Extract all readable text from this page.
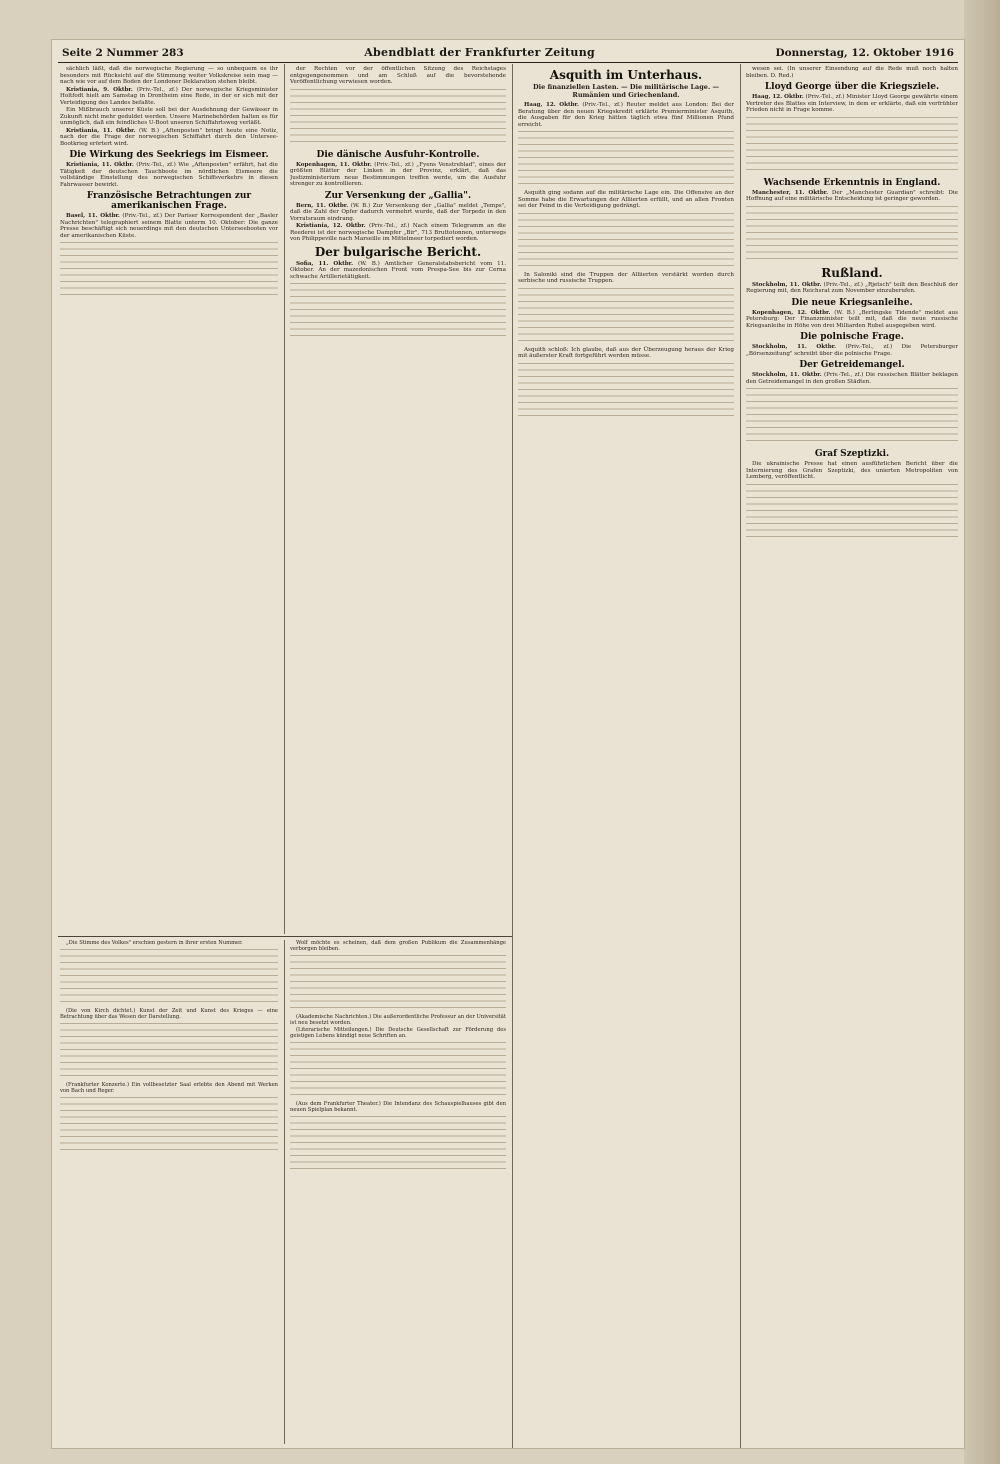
Seite 2 Nummer 283	Abendblatt der Frankfurter Zeitung	Donnerstag, 12. Oktober 1916

sächlich läßt, daß die norwegische Regierung — so unbequem es ihr besonders mit Rücksicht auf die Stimmung weiter Volkskreise sein mag — nach wie vor auf dem Boden der Londoner Deklaration stehen bleibt.

Kristiania, 9. Oktbr. (Priv.-Tel., zf.) Der norwegische Kriegsminister Holtfodt hielt am Samstag in Drontheim eine Rede, in der er sich mit der Verteidigung des Landes befaßte.

Ein Mißbrauch unserer Küste soll bei der Ausdehnung der Gewässer in Zukunft nicht mehr geduldet werden. Unsere Marinebehörden halten es für unmöglich, daß ein feindliches U-Boot unseren Schiffahrtsweg verläßt.

Kristiania, 11. Oktbr. (W. B.) „Aftenposten" bringt heute eine Notiz, nach der die Frage der norwegischen Schiffahrt durch den Untersee-Bootkrieg erörtert wird.

Die Wirkung des Seekriegs im Eismeer.

Kristiania, 11. Oktbr. (Priv.-Tel., zf.) Wie „Aftenposten" erfährt, hat die Tätigkeit der deutschen Tauchboote im nördlichen Eismeere die vollständige Einstellung des norwegischen Schiffsverkehrs in diesen Fahrwasser bewirkt.

Französische Betrachtungen zur amerikanischen Frage.

Basel, 11. Oktbr. (Priv.-Tel., zf.) Der Pariser Korrespondent der „Basler Nachrichten" telegraphiert seinem Blatte unterm 10. Oktober: Die ganze Presse beschäftigt sich neuerdings mit den deutschen Unterseebooten vor der amerikanischen Küste.

der Rechten vor der öffentlichen Sitzung des Reichstages entgegengenommen und am Schluß auf die bevorstehende Veröffentlichung verwiesen worden.

Die dänische Ausfuhr-Kontrolle.

Kopenhagen, 11. Oktbr. (Priv.-Tel., zf.) „Fyens Venstreblad", eines der größten Blätter der Linken in der Provinz, erklärt, daß das Justizministerium neue Bestimmungen treffen werde, um die Ausfuhr strenger zu kontrollieren.

Zur Versenkung der „Gallia".

Bern, 11. Oktbr. (W. B.) Zur Versenkung der „Gallia" meldet „Temps", daß die Zahl der Opfer dadurch vermehrt wurde, daß der Torpedo in den Vorratsraum eindrang.

Kristiania, 12. Oktbr. (Priv.-Tel., zf.) Nach einem Telegramm an die Reederei ist der norwegische Dampfer „Bir", 713 Bruttotonnen, unterwegs von Philippeville nach Marseille im Mittelmeer torpediert worden.

Der bulgarische Bericht.

Sofia, 11. Oktbr. (W. B.) Amtlicher Generalstabsbericht vom 11. Oktober. An der mazedonischen Front vom Prespa-See bis zur Cerna schwache Artillerietätigkeit.

Asquith im Unterhaus.
Die finanziellen Lasten. — Die militärische Lage. — Rumänien und Griechenland.

Haag, 12. Oktbr. (Priv.-Tel., zf.) Reuter meldet aus London: Bei der Beratung über den neuen Kriegskredit erklärte Premierminister Asquith, die Ausgaben für den Krieg hätten täglich etwa fünf Millionen Pfund erreicht.

Asquith ging sodann auf die militärische Lage ein. Die Offensive an der Somme habe die Erwartungen der Alliierten erfüllt, und an allen Fronten sei der Feind in die Verteidigung gedrängt.

In Saloniki sind die Truppen der Alliierten verstärkt worden durch serbische und russische Truppen.

Asquith schloß: Ich glaube, daß aus der Überzeugung heraus der Krieg mit äußerster Kraft fortgeführt werden müsse.

wesen sei. (In unserer Einsendung auf die Rede muß noch halten bleiben. D. Red.)

Lloyd George über die Kriegsziele.

Haag, 12. Oktbr. (Priv.-Tel., zf.) Minister Lloyd George gewährte einem Vertreter des Blattes ein Interview, in dem er erklärte, daß ein verfrühter Frieden nicht in Frage komme.

Wachsende Erkenntnis in England.

Manchester, 11. Oktbr. Der „Manchester Guardian" schreibt: Die Hoffnung auf eine militärische Entscheidung ist geringer geworden.

Rußland.

Stockholm, 11. Oktbr. (Priv.-Tel., zf.) „Rjetsch" teilt den Beschluß der Regierung mit, den Reichsrat zum November einzuberufen.

Die neue Kriegsanleihe.

Kopenhagen, 12. Oktbr. (W. B.) „Berlingske Tidende" meldet aus Petersburg: Der Finanzminister teilt mit, daß die neue russische Kriegsanleihe in Höhe von drei Milliarden Rubel ausgegeben wird.

Die polnische Frage.

Stockholm, 11. Oktbr. (Priv.-Tel., zf.) Die Petersburger „Börsenzeitung" schreibt über die polnische Frage.

Der Getreidemangel.

Stockholm, 11. Oktbr. (Priv.-Tel., zf.) Die russischen Blätter beklagen den Getreidemangel in den großen Städten.

Graf Szeptizki.

Die ukrainische Presse hat einen ausführlichen Bericht über die Internierung des Grafen Szeptizki, des unierten Metropoliten von Lemberg, veröffentlicht.

„Die Stimme des Volkes" erschien gestern in ihrer ersten Nummer.

(Die von Kirch dichtet.) Kunst der Zeit und Kunst des Krieges — eine Betrachtung über das Wesen der Darstellung.

(Frankfurter Konzerte.) Ein vollbesetzter Saal erlebte den Abend mit Werken von Bach und Reger.

Wolf möchte es scheinen, daß dem großen Publikum die Zusammenhänge verborgen bleiben.

(Akademische Nachrichten.) Die außerordentliche Professur an der Universität ist neu besetzt worden.

(Literarische Mitteilungen.) Die Deutsche Gesellschaft zur Förderung des geistigen Lebens kündigt neue Schriften an.

(Aus dem Frankfurter Theater.) Die Intendanz des Schauspielhauses gibt den neuen Spielplan bekannt.
